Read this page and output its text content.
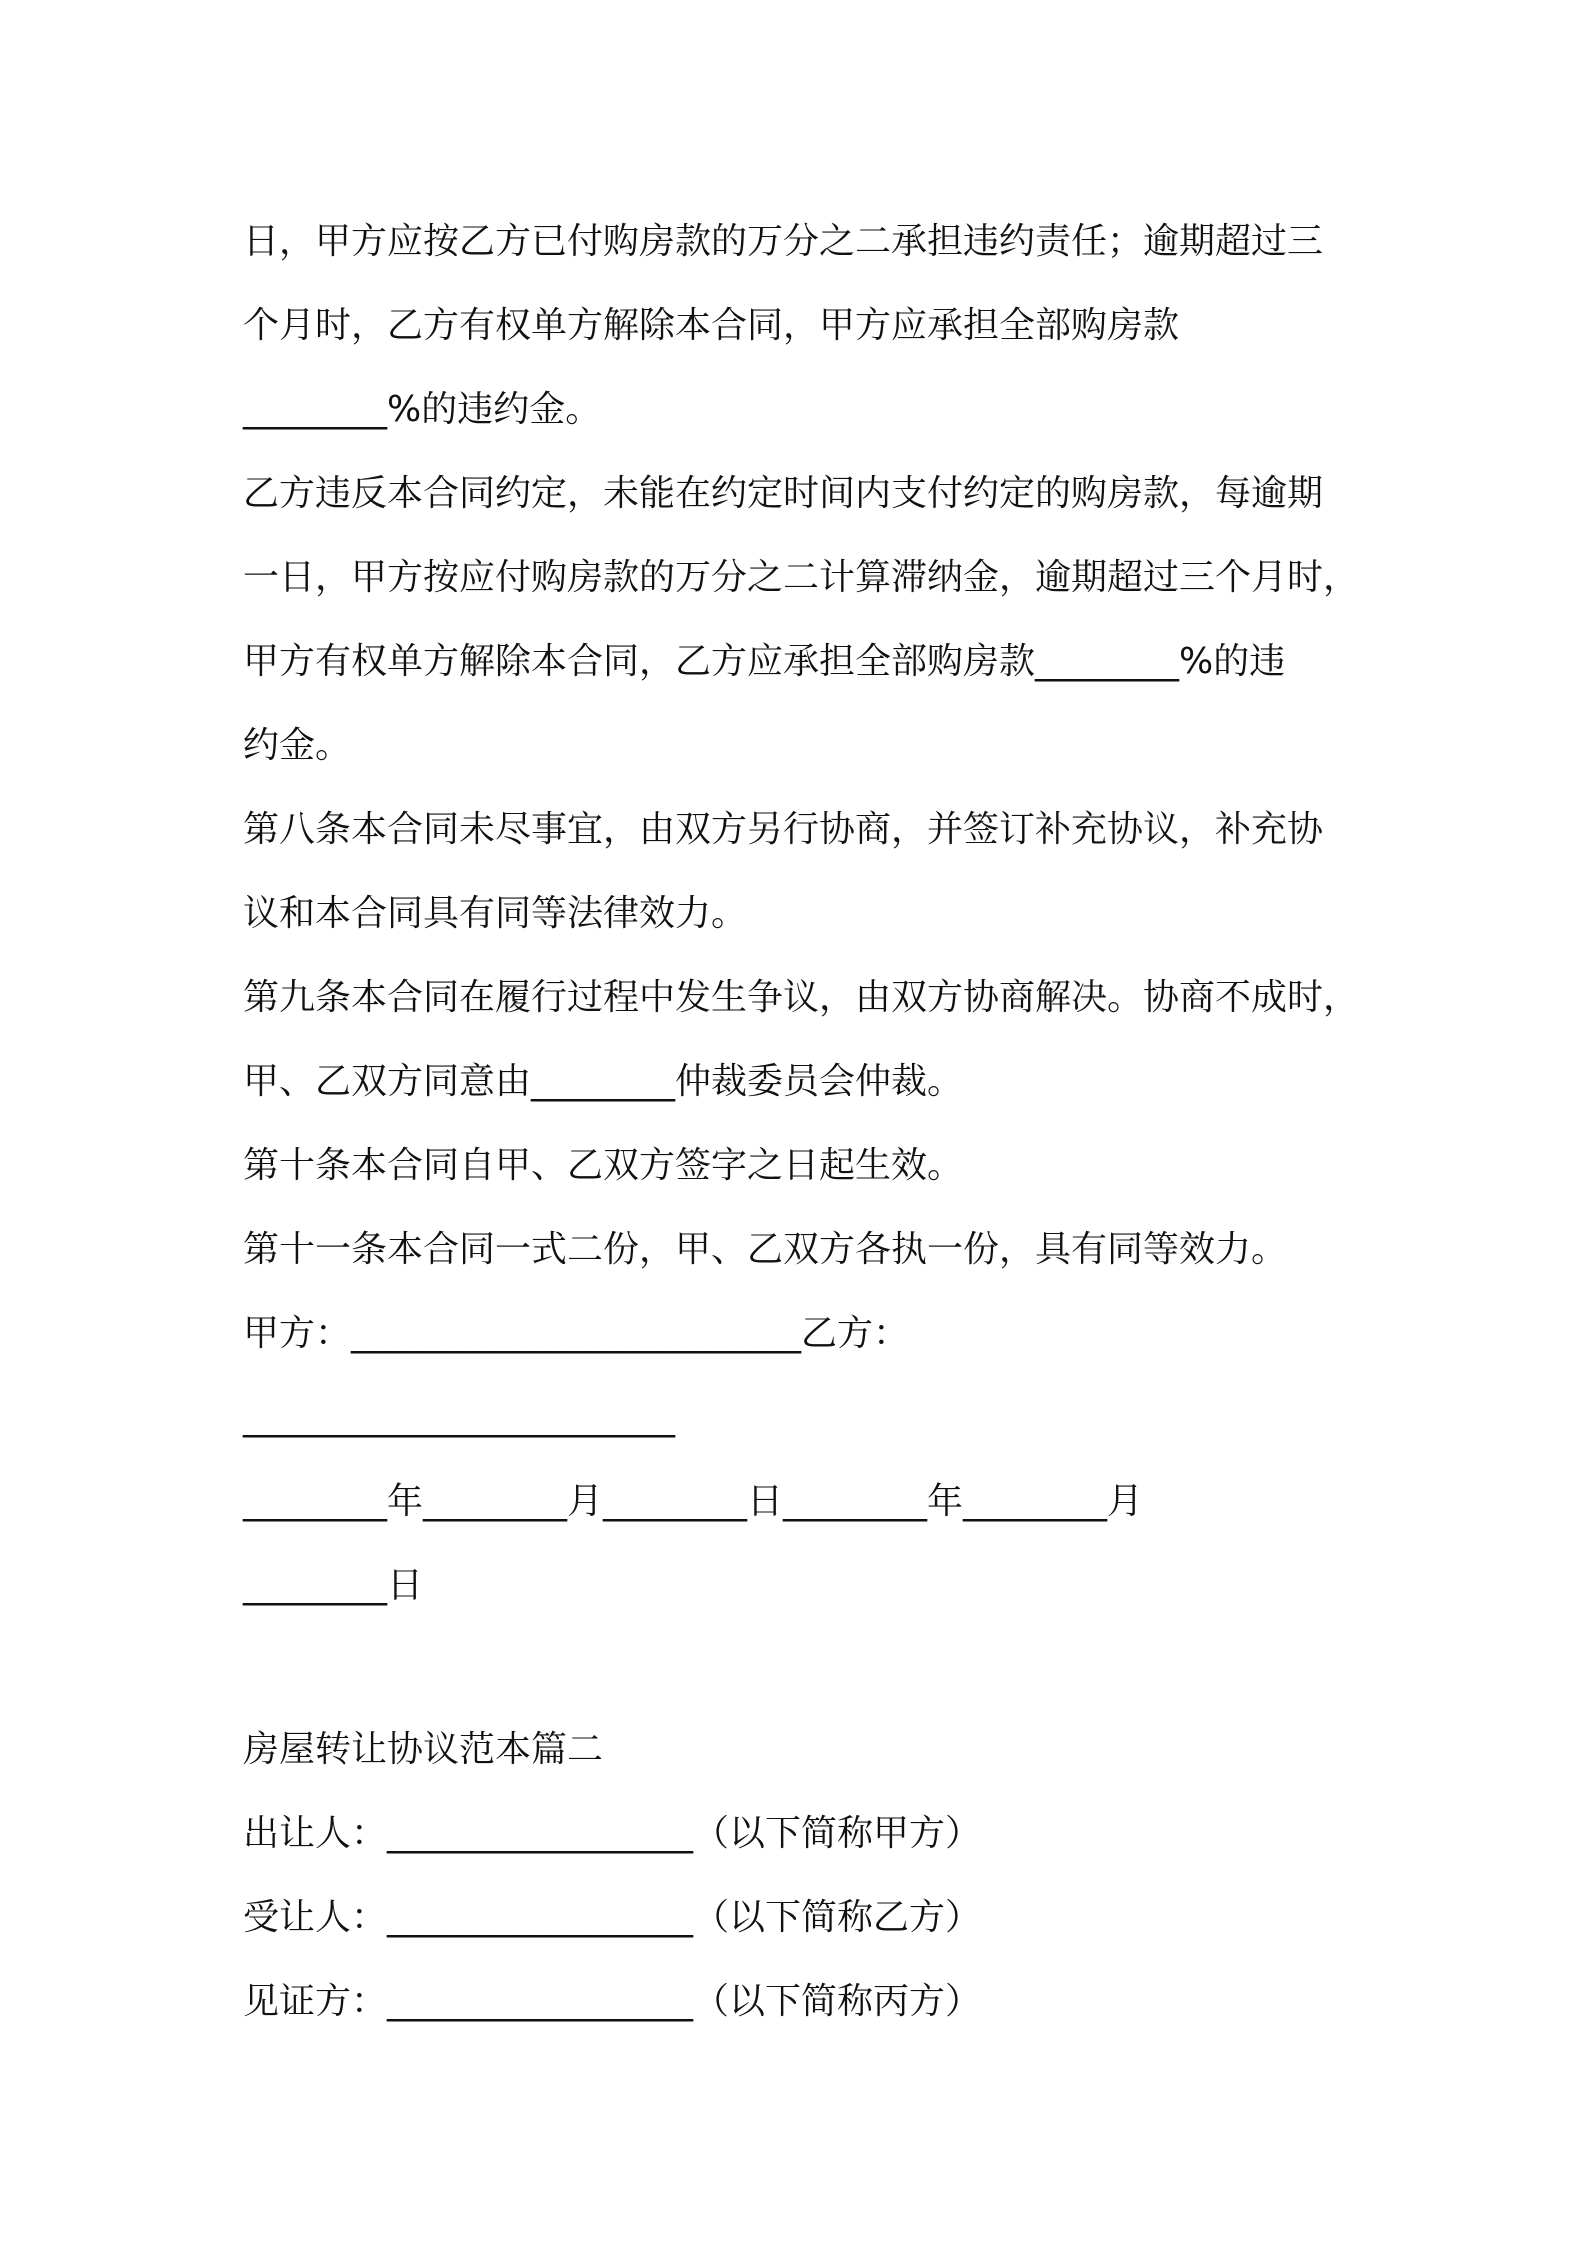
日，甲方应按乙方已付购房款的万分之二承担违约责任；逾期超过三
个月时，乙方有权单方解除本合同，甲方应承担全部购房款
________%的违约金。
乙方违反本合同约定，未能在约定时间内支付约定的购房款，每逾期
一日，甲方按应付购房款的万分之二计算滞纳金，逾期超过三个月时，
甲方有权单方解除本合同，乙方应承担全部购房款________%的违
约金。
第八条本合同未尽事宜，由双方另行协商，并签订补充协议，补充协
议和本合同具有同等法律效力。
第九条本合同在履行过程中发生争议，由双方协商解决。协商不成时，
甲、乙双方同意由________仲裁委员会仲裁。
第十条本合同自甲、乙双方签字之日起生效。
第十一条本合同一式二份，甲、乙双方各执一份，具有同等效力。
甲方：_________________________乙方：
________________________
________年________月________日________年________月
________日
房屋转让协议范本篇二
出让人：_________________（以下简称甲方）
受让人：_________________（以下简称乙方）
见证方：_________________（以下简称丙方）
